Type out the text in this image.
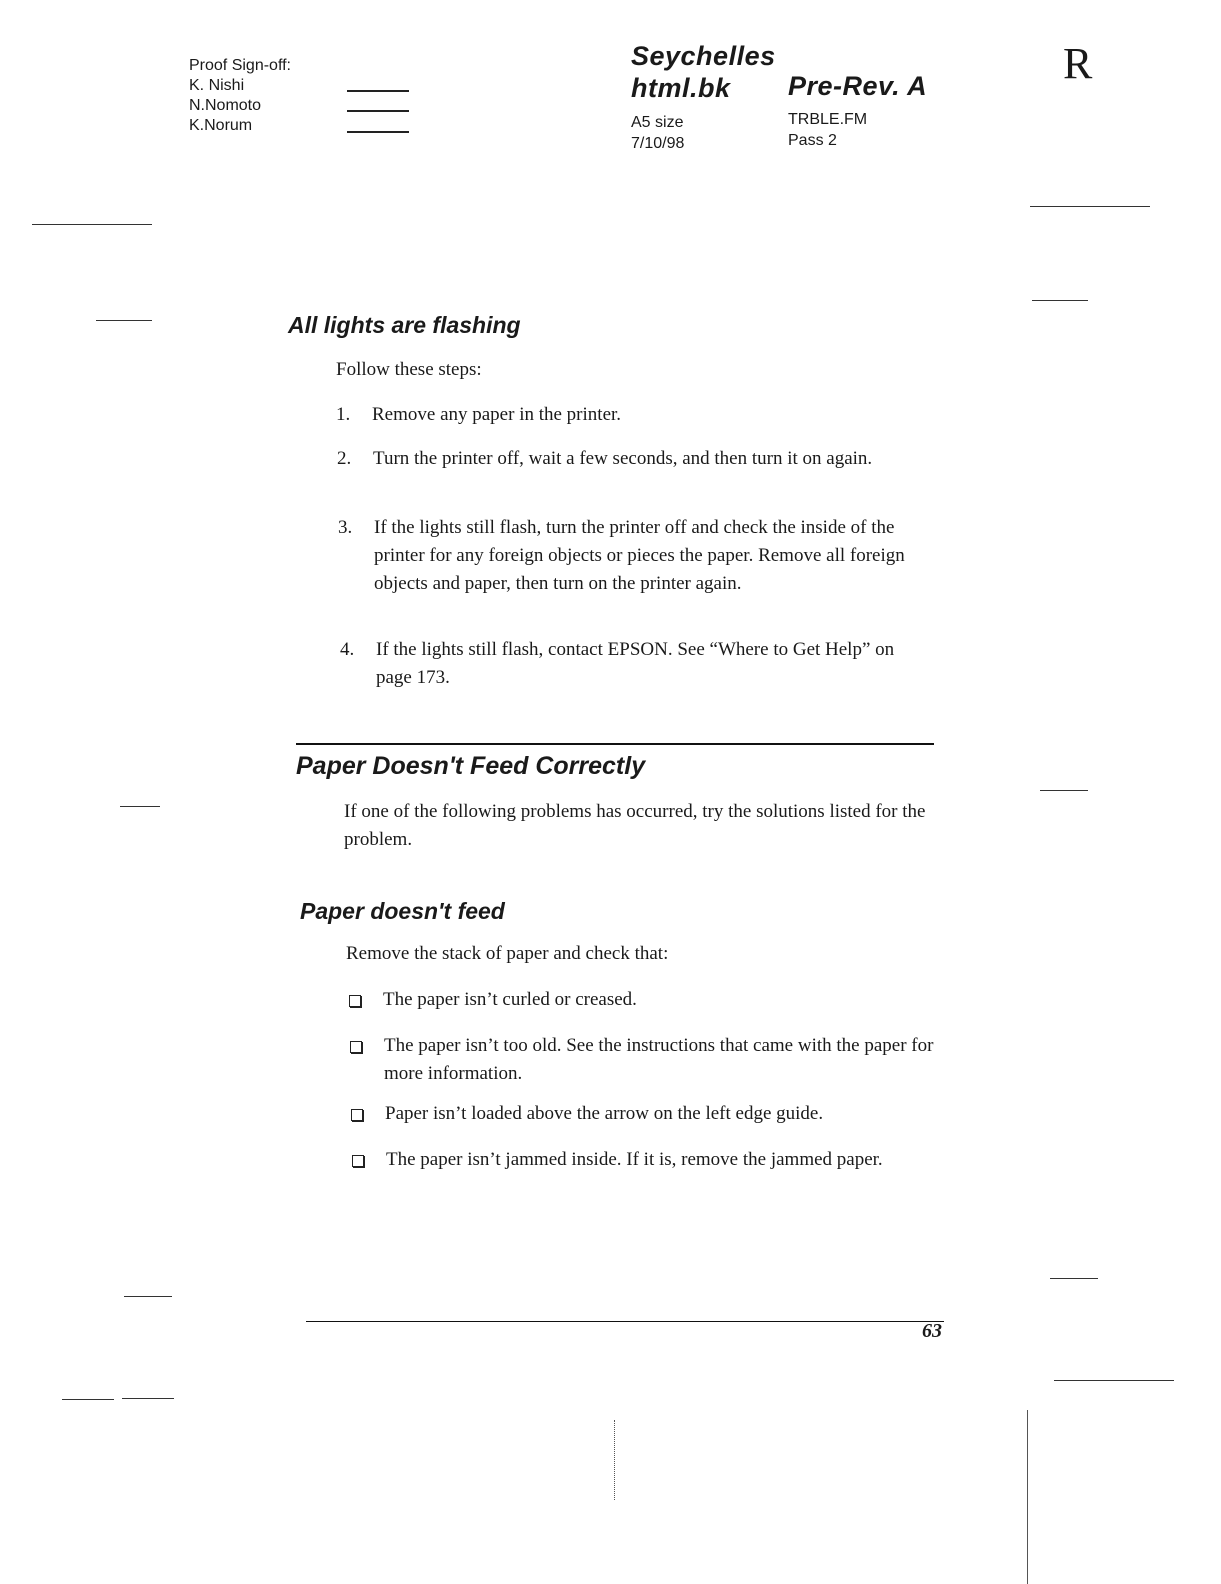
Proof Sign-off:
K. Nishi
N.Nomoto
K.Norum
Seychelles
html.bk Pre-Rev. A
A5 size
7/10/98
TRBLE.FM
Pass 2
R
All lights are flashing
Follow these steps:
1. Remove any paper in the printer.
2. Turn the printer off, wait a few seconds, and then turn it on again.
3. If the lights still flash, turn the printer off and check the inside of the printer for any foreign objects or pieces the paper. Remove all foreign objects and paper, then turn on the printer again.
4. If the lights still flash, contact EPSON. See “Where to Get Help” on page 173.
Paper Doesn't Feed Correctly
If one of the following problems has occurred, try the solutions listed for the problem.
Paper doesn't feed
Remove the stack of paper and check that:
The paper isn’t curled or creased.
The paper isn’t too old. See the instructions that came with the paper for more information.
Paper isn’t loaded above the arrow on the left edge guide.
The paper isn’t jammed inside. If it is, remove the jammed paper.
63
